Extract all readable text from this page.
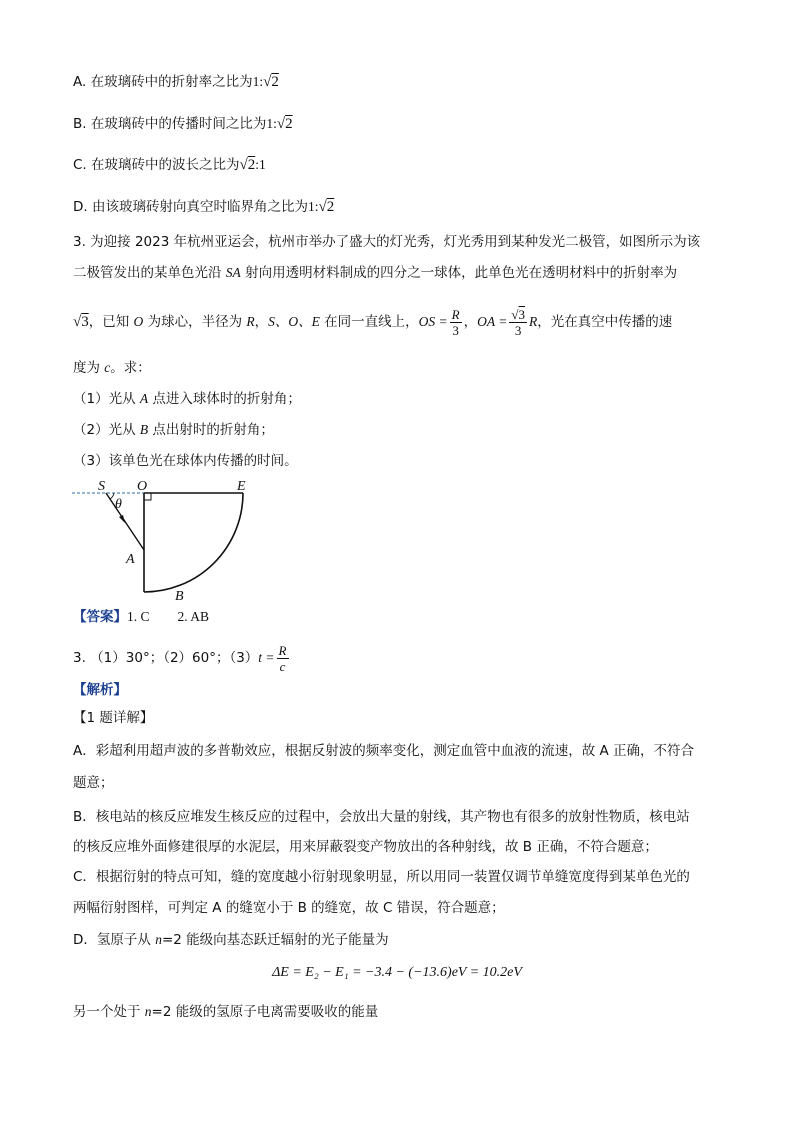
A. 在玻璃砖中的折射率之比为1:√2
B. 在玻璃砖中的传播时间之比为1:√2
C. 在玻璃砖中的波长之比为√2:1
D. 由该玻璃砖射向真空时临界角之比为1:√2
3. 为迎接 2023 年杭州亚运会，杭州市举办了盛大的灯光秀，灯光秀用到某种发光二极管，如图所示为该
二极管发出的某单色光沿 SA 射向用透明材料制成的四分之一球体，此单色光在透明材料中的折射率为
√3，已知 O 为球心，半径为 R，S、O、E 在同一直线上，OS = $\frac{R}{3}$ ，OA = $\frac{√3}{3}$ R，光在真空中传播的速
度为 c。求：
（1）光从 A 点进入球体时的折射角；
（2）光从 B 点出射时的折射角；
（3）该单色光在球体内传播的时间。
S O	E
θ
A
B
【答案】1. C 2. AB
3. （1）30°；（2）60°；$(3)t = \frac{R}{c}$
【解析】
【1 题详解】
A．彩超利用超声波的多普勒效应，根据反射波的频率变化，测定血管中血液的流速，故 A 正确，不符合
题意；
B．核电站的核反应堆发生核反应的过程中，会放出大量的射线，其产物也有很多的放射性物质，核电站
的核反应堆外面修建很厚的水泥层，用来屏蔽裂变产物放出的各种射线，故 B 正确，不符合题意；
C．根据衍射的特点可知，缝的宽度越小衍射现象明显，所以用同一装置仅调节单缝宽度得到某单色光的
两幅衍射图样，可判定 A 的缝宽小于 B 的缝宽，故 C 错误，符合题意；
D．氢原子从 n=2 能级向基态跃迁辐射的光子能量为
ΔE = E₂ − E₁ = −3.4 − (−13.6)eV = 10.2eV
另一个处于 n=2 能级的氢原子电离需要吸收的能量
